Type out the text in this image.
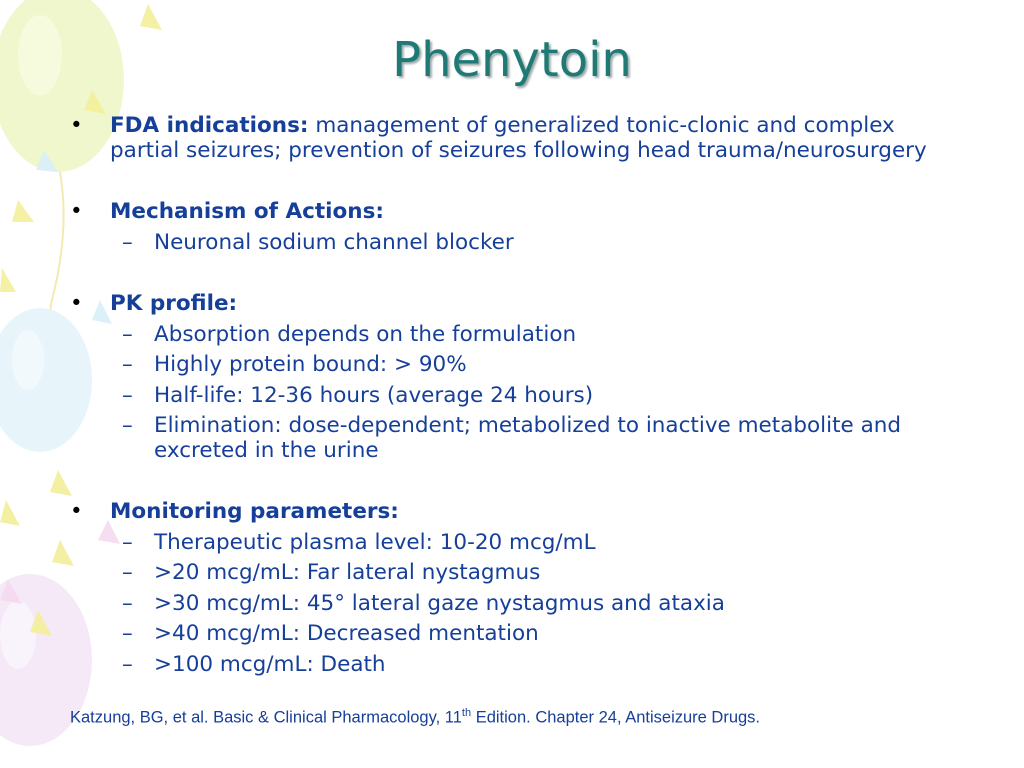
Phenytoin
• FDA indications: management of generalized tonic-clonic and complex partial seizures; prevention of seizures following head trauma/neurosurgery
• Mechanism of Actions:
– Neuronal sodium channel blocker
• PK profile:
– Absorption depends on the formulation
– Highly protein bound: > 90%
– Half-life: 12-36 hours (average 24 hours)
– Elimination: dose-dependent; metabolized to inactive metabolite and excreted in the urine
• Monitoring parameters:
– Therapeutic plasma level: 10-20 mcg/mL
– >20 mcg/mL: Far lateral nystagmus
– >30 mcg/mL: 45° lateral gaze nystagmus and ataxia
– >40 mcg/mL: Decreased mentation
– >100 mcg/mL: Death
Katzung, BG, et al. Basic & Clinical Pharmacology, 11th Edition. Chapter 24, Antiseizure Drugs.
